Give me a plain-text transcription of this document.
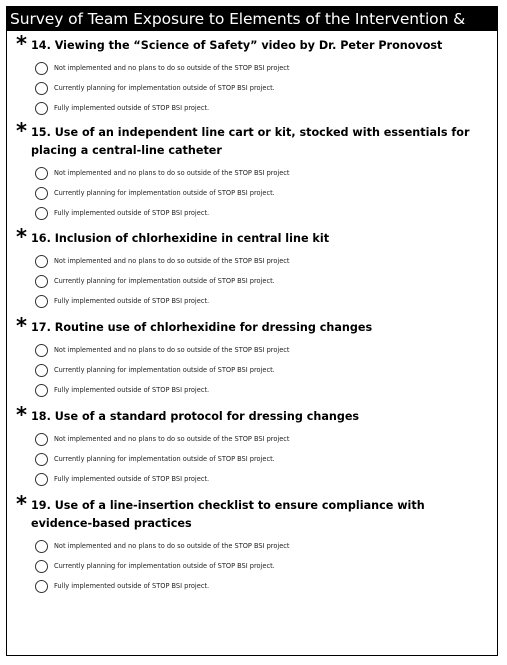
Survey of Team Exposure to Elements of the Intervention &
* 14. Viewing the “Science of Safety” video by Dr. Peter Pronovost
Not implemented and no plans to do so outside of the STOP BSI project
Currently planning for implementation outside of STOP BSI project.
Fully implemented outside of STOP BSI project.
* 15. Use of an independent line cart or kit, stocked with essentials for placing a central-line catheter
Not implemented and no plans to do so outside of the STOP BSI project
Currently planning for implementation outside of STOP BSI project.
Fully implemented outside of STOP BSI project.
* 16. Inclusion of chlorhexidine in central line kit
Not implemented and no plans to do so outside of the STOP BSI project
Currently planning for implementation outside of STOP BSI project.
Fully implemented outside of STOP BSI project.
* 17. Routine use of chlorhexidine for dressing changes
Not implemented and no plans to do so outside of the STOP BSI project
Currently planning for implementation outside of STOP BSI project.
Fully implemented outside of STOP BSI project.
* 18. Use of a standard protocol for dressing changes
Not implemented and no plans to do so outside of the STOP BSI project
Currently planning for implementation outside of STOP BSI project.
Fully implemented outside of STOP BSI project.
* 19. Use of a line-insertion checklist to ensure compliance with evidence-based practices
Not implemented and no plans to do so outside of the STOP BSI project
Currently planning for implementation outside of STOP BSI project.
Fully implemented outside of STOP BSI project.
